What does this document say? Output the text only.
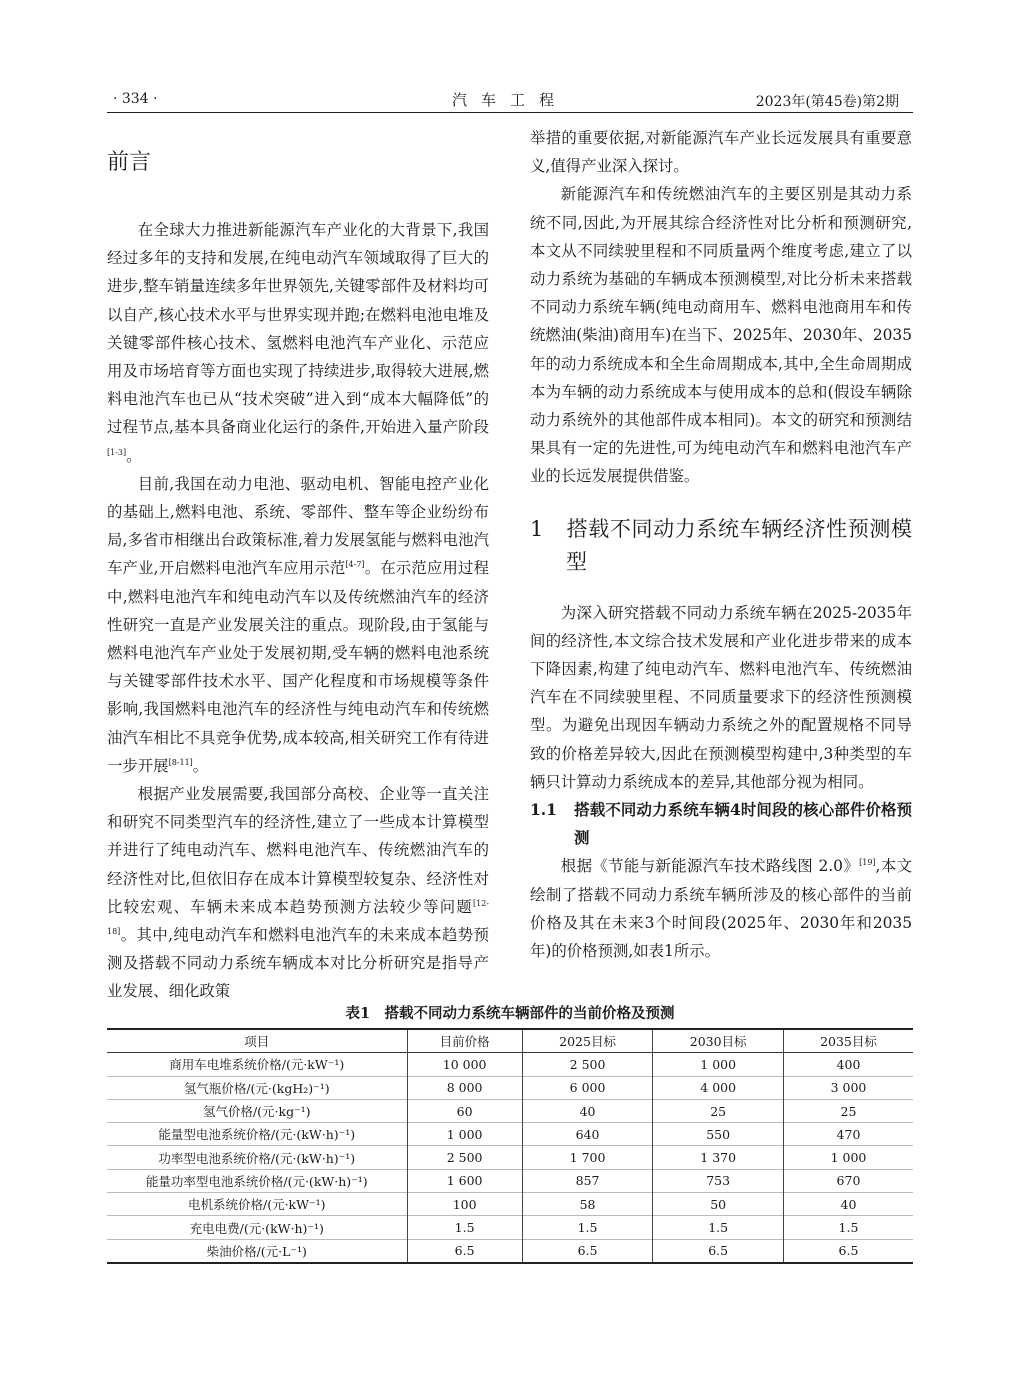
· 334 ·	汽车工程	2023年(第45卷)第2期

前言

在全球大力推进新能源汽车产业化的大背景下,我国经过多年的支持和发展,在纯电动汽车领域取得了巨大的进步,整车销量连续多年世界领先,关键零部件及材料均可以自产,核心技术水平与世界实现并跑;在燃料电池电堆及关键零部件核心技术、氢燃料电池汽车产业化、示范应用及市场培育等方面也实现了持续进步,取得较大进展,燃料电池汽车也已从“技术突破”进入到“成本大幅降低”的过程节点,基本具备商业化运行的条件,开始进入量产阶段[1-3]。

目前,我国在动力电池、驱动电机、智能电控产业化的基础上,燃料电池、系统、零部件、整车等企业纷纷布局,多省市相继出台政策标准,着力发展氢能与燃料电池汽车产业,开启燃料电池汽车应用示范[4-7]。在示范应用过程中,燃料电池汽车和纯电动汽车以及传统燃油汽车的经济性研究一直是产业发展关注的重点。现阶段,由于氢能与燃料电池汽车产业处于发展初期,受车辆的燃料电池系统与关键零部件技术水平、国产化程度和市场规模等条件影响,我国燃料电池汽车的经济性与纯电动汽车和传统燃油汽车相比不具竞争优势,成本较高,相关研究工作有待进一步开展[8-11]。

根据产业发展需要,我国部分高校、企业等一直关注和研究不同类型汽车的经济性,建立了一些成本计算模型并进行了纯电动汽车、燃料电池汽车、传统燃油汽车的经济性对比,但依旧存在成本计算模型较复杂、经济性对比较宏观、车辆未来成本趋势预测方法较少等问题[12-18]。其中,纯电动汽车和燃料电池汽车的未来成本趋势预测及搭载不同动力系统车辆成本对比分析研究是指导产业发展、细化政策

举措的重要依据,对新能源汽车产业长远发展具有重要意义,值得产业深入探讨。

新能源汽车和传统燃油汽车的主要区别是其动力系统不同,因此,为开展其综合经济性对比分析和预测研究,本文从不同续驶里程和不同质量两个维度考虑,建立了以动力系统为基础的车辆成本预测模型,对比分析未来搭载不同动力系统车辆(纯电动商用车、燃料电池商用车和传统燃油(柴油)商用车)在当下、2025年、2030年、2035年的动力系统成本和全生命周期成本,其中,全生命周期成本为车辆的动力系统成本与使用成本的总和(假设车辆除动力系统外的其他部件成本相同)。本文的研究和预测结果具有一定的先进性,可为纯电动汽车和燃料电池汽车产业的长远发展提供借鉴。

1 搭载不同动力系统车辆经济性预测模型

为深入研究搭载不同动力系统车辆在2025-2035年间的经济性,本文综合技术发展和产业化进步带来的成本下降因素,构建了纯电动汽车、燃料电池汽车、传统燃油汽车在不同续驶里程、不同质量要求下的经济性预测模型。为避免出现因车辆动力系统之外的配置规格不同导致的价格差异较大,因此在预测模型构建中,3种类型的车辆只计算动力系统成本的差异,其他部分视为相同。

1.1 搭载不同动力系统车辆4时间段的核心部件价格预测

根据《节能与新能源汽车技术路线图 2.0》[19],本文绘制了搭载不同动力系统车辆所涉及的核心部件的当前价格及其在未来3个时间段(2025年、2030年和2035年)的价格预测,如表1所示。

表1　搭载不同动力系统车辆部件的当前价格及预测
项目	目前价格	2025目标	2030目标	2035目标
商用车电堆系统价格/(元·kW⁻¹)	10 000	2 500	1 000	400
氢气瓶价格/(元·(kgH₂)⁻¹)	8 000	6 000	4 000	3 000
氢气价格/(元·kg⁻¹)	60	40	25	25
能量型电池系统价格/(元·(kW·h)⁻¹)	1 000	640	550	470
功率型电池系统价格/(元·(kW·h)⁻¹)	2 500	1 700	1 370	1 000
能量功率型电池系统价格/(元·(kW·h)⁻¹)	1 600	857	753	670
电机系统价格/(元·kW⁻¹)	100	58	50	40
充电电费/(元·(kW·h)⁻¹)	1.5	1.5	1.5	1.5
柴油价格/(元·L⁻¹)	6.5	6.5	6.5	6.5
